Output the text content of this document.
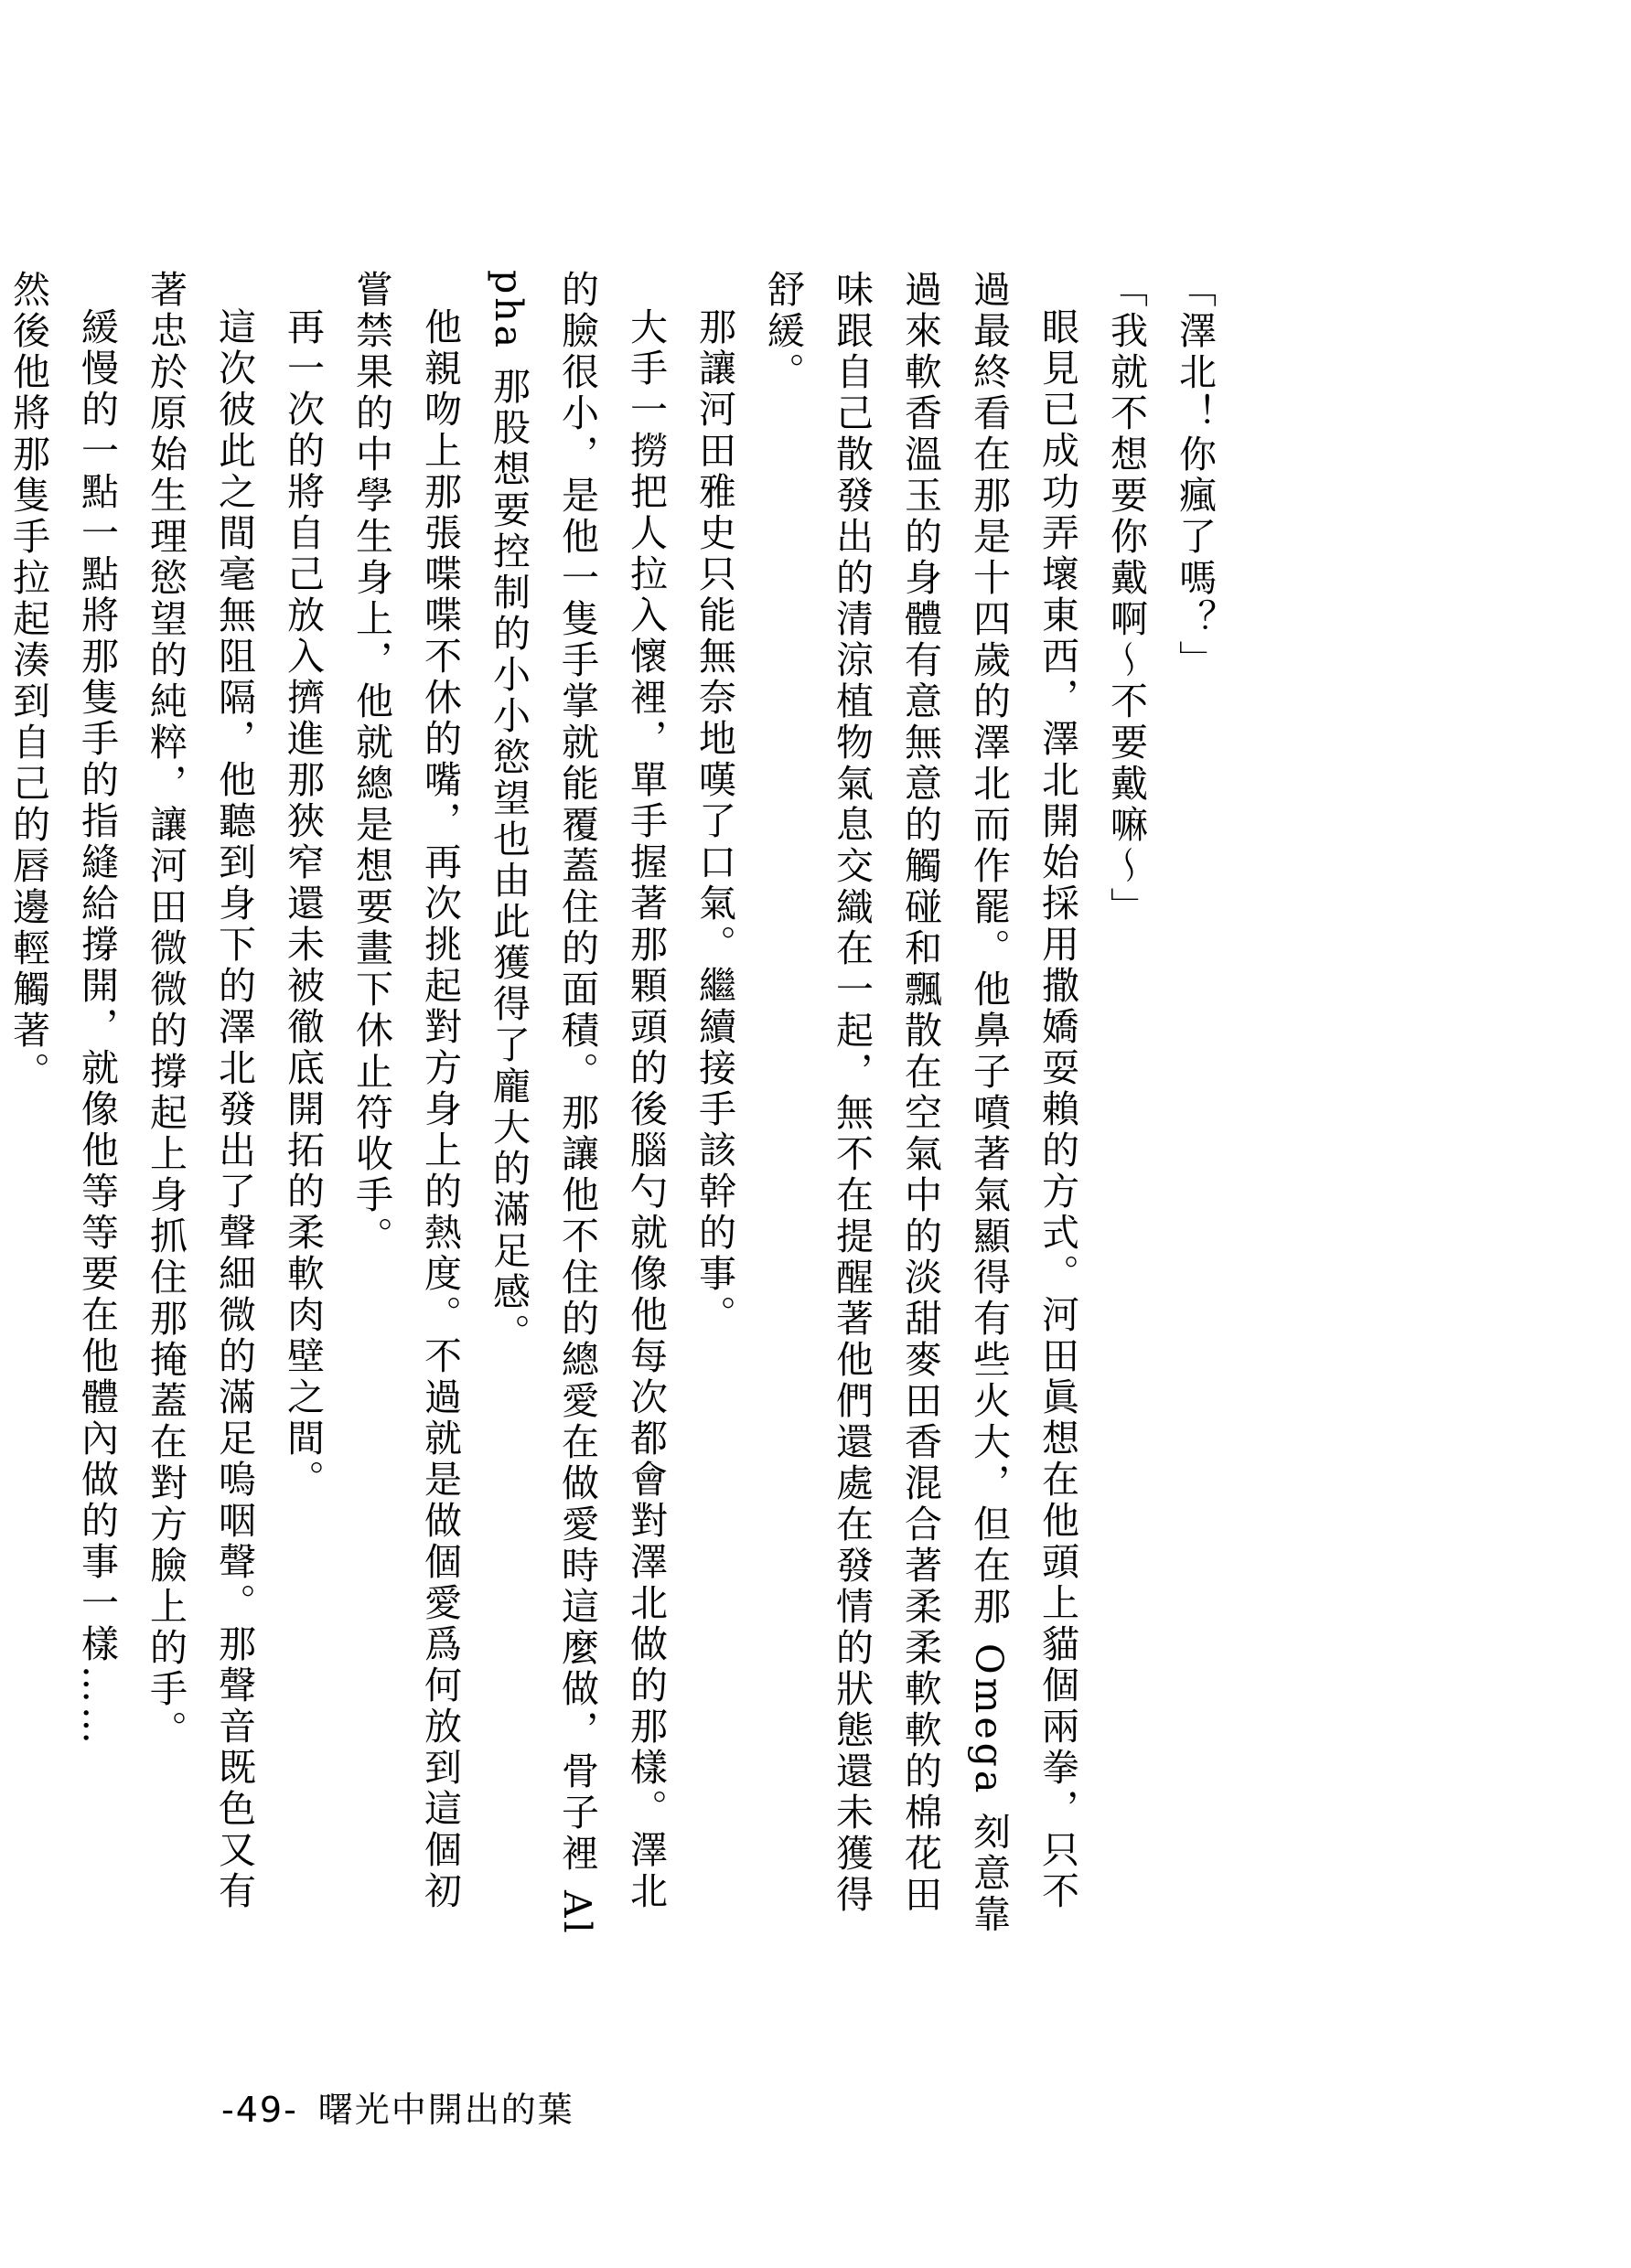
「澤北！你瘋了嗎？」

「我就不想要你戴啊～不要戴嘛～」

眼見已成功弄壞東西，澤北開始採用撒嬌耍賴的方式。河田眞想在他頭上貓個兩拳，只不過最終看在那是十四歲的澤北而作罷。他鼻子噴著氣顯得有些火大，但在那 Omega 刻意靠過來軟香溫玉的身體有意無意的觸碰和飄散在空氣中的淡甜麥田香混合著柔柔軟軟的棉花田味跟自己散發出的清涼植物氣息交織在一起，無不在提醒著他們還處在發情的狀態還未獲得舒緩。

那讓河田雅史只能無奈地嘆了口氣。繼續接手該幹的事。

大手一撈把人拉入懷裡，單手握著那顆頭的後腦勺就像他每次都會對澤北做的那樣。澤北的臉很小，是他一隻手掌就能覆蓋住的面積。那讓他不住的總愛在做愛時這麼做，骨子裡 Alpha 那股想要控制的小小慾望也由此獲得了龐大的滿足感。

他親吻上那張喋喋不休的嘴，再次挑起對方身上的熱度。不過就是做個愛爲何放到這個初嘗禁果的中學生身上，他就總是想要畫下休止符收手。

再一次的將自己放入擠進那狹窄還未被徹底開拓的柔軟肉壁之間。

這次彼此之間毫無阻隔，他聽到身下的澤北發出了聲細微的滿足嗚咽聲。那聲音既色又有著忠於原始生理慾望的純粹，讓河田微微的撐起上身抓住那掩蓋在對方臉上的手。

緩慢的一點一點將那隻手的指縫給撐開，就像他等等要在他體內做的事一樣……

然後他將那隻手拉起湊到自己的唇邊輕觸著。

-49- 曙光中開出的葉
